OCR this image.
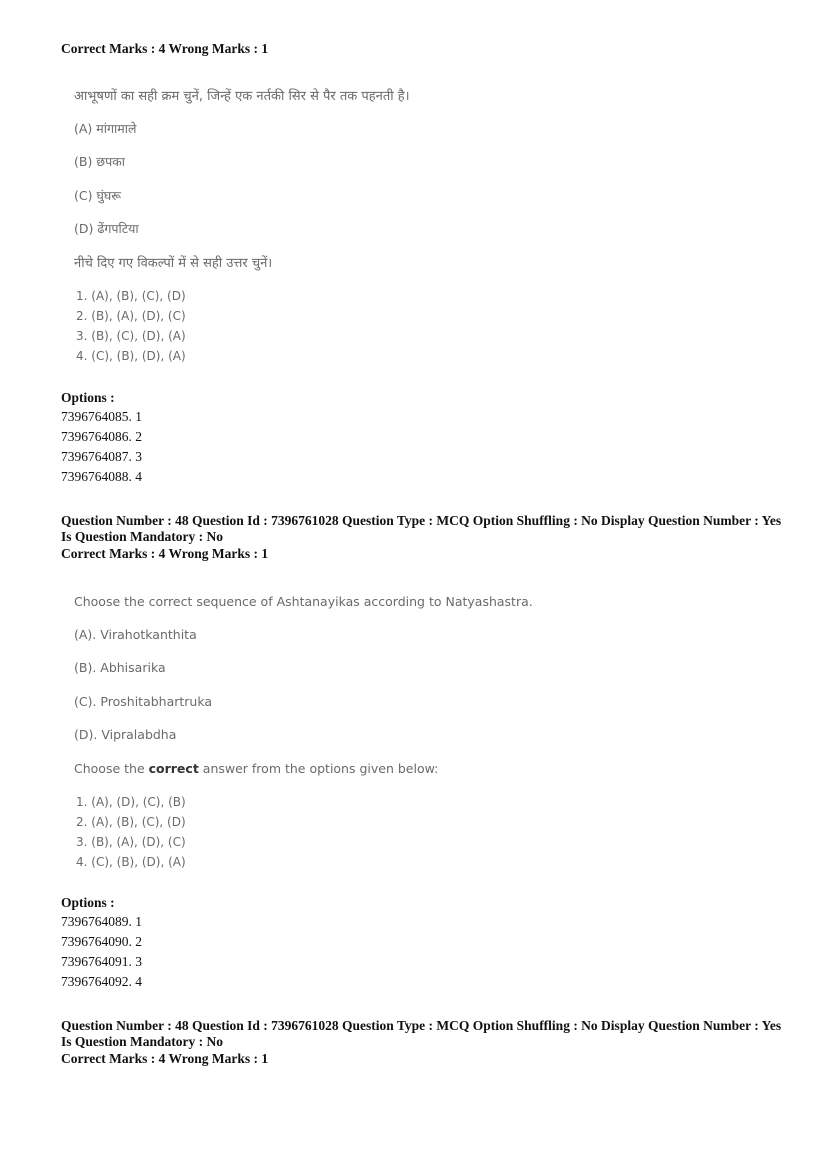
Correct Marks : 4 Wrong Marks : 1
आभूषणों का सही क्रम चुनें, जिन्हें एक नर्तकी सिर से पैर तक पहनती है।
(A) मांगामाले
(B) छपका
(C) घुंघरू
(D) ढेंगपटिया
नीचे दिए गए विकल्पों में से सही उत्तर चुनें।
1. (A), (B), (C), (D)
2. (B), (A), (D), (C)
3. (B), (C), (D), (A)
4. (C), (B), (D), (A)
Options :
7396764085. 1
7396764086. 2
7396764087. 3
7396764088. 4
Question Number : 48 Question Id : 7396761028 Question Type : MCQ Option Shuffling : No Display Question Number : Yes
Is Question Mandatory : No
Correct Marks : 4 Wrong Marks : 1
Choose the correct sequence of Ashtanayikas according to Natyashastra.
(A). Virahotkanthita
(B). Abhisarika
(C). Proshitabhartruka
(D). Vipralabdha
Choose the correct answer from the options given below:
1. (A), (D), (C), (B)
2. (A), (B), (C), (D)
3. (B), (A), (D), (C)
4. (C), (B), (D), (A)
Options :
7396764089. 1
7396764090. 2
7396764091. 3
7396764092. 4
Question Number : 48 Question Id : 7396761028 Question Type : MCQ Option Shuffling : No Display Question Number : Yes
Is Question Mandatory : No
Correct Marks : 4 Wrong Marks : 1
